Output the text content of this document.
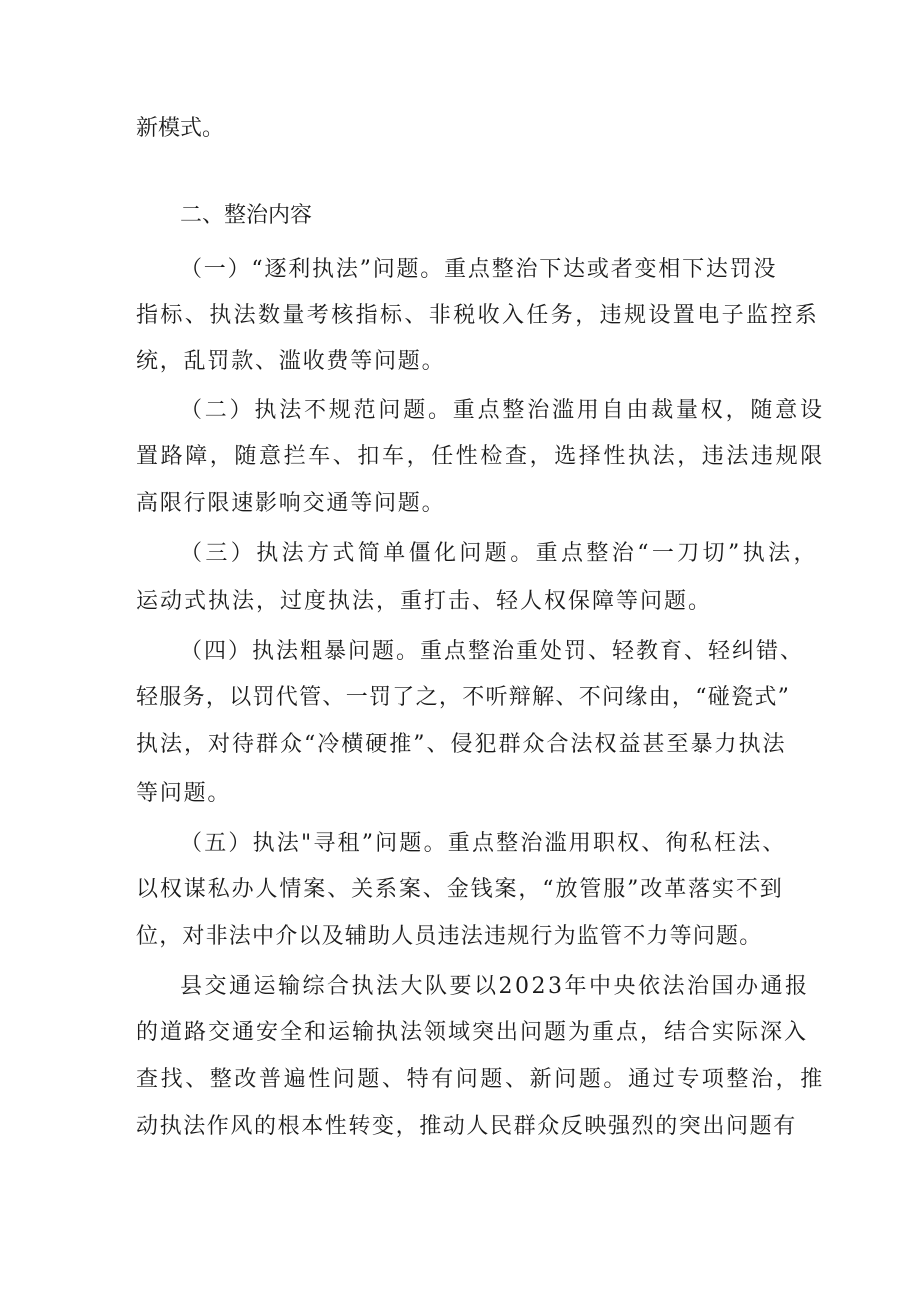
新模式。
二、整治内容
（一）“逐利执法”问题。重点整治下达或者变相下达罚没
指标、执法数量考核指标、非税收入任务，违规设置电子监控系
统，乱罚款、滥收费等问题。
（二）执法不规范问题。重点整治滥用自由裁量权，随意设
置路障，随意拦车、扣车，任性检查，选择性执法，违法违规限
高限行限速影响交通等问题。
（三）执法方式简单僵化问题。重点整治“一刀切”执法，
运动式执法，过度执法，重打击、轻人权保障等问题。
（四）执法粗暴问题。重点整治重处罚、轻教育、轻纠错、
轻服务，以罚代管、一罚了之，不听辩解、不问缘由，“碰瓷式”
执法，对待群众“冷横硬推”、侵犯群众合法权益甚至暴力执法
等问题。
（五）执法"寻租”问题。重点整治滥用职权、徇私枉法、
以权谋私办人情案、关系案、金钱案，“放管服”改革落实不到
位，对非法中介以及辅助人员违法违规行为监管不力等问题。
县交通运输综合执法大队要以2023年中央依法治国办通报
的道路交通安全和运输执法领域突出问题为重点，结合实际深入
查找、整改普遍性问题、特有问题、新问题。通过专项整治，推
动执法作风的根本性转变，推动人民群众反映强烈的突出问题有
